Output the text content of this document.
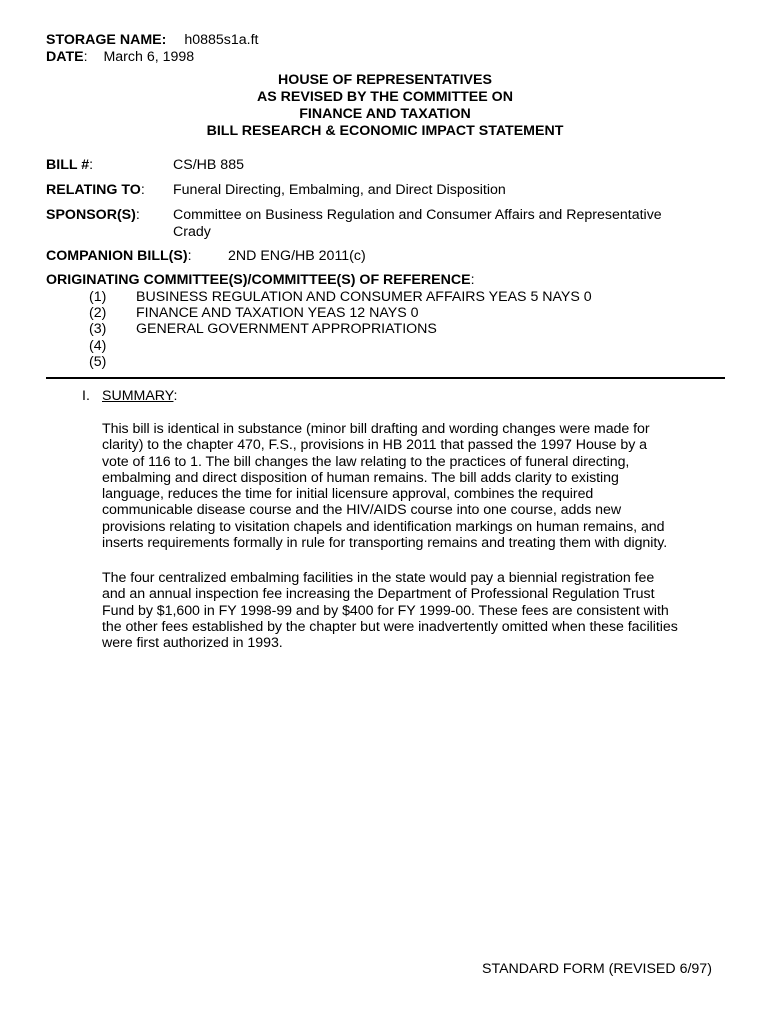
STORAGE NAME: h0885s1a.ft
DATE: March 6, 1998
HOUSE OF REPRESENTATIVES
AS REVISED BY THE COMMITTEE ON
FINANCE AND TAXATION
BILL RESEARCH & ECONOMIC IMPACT STATEMENT
BILL #:	CS/HB 885
RELATING TO: Funeral Directing, Embalming, and Direct Disposition
SPONSOR(S): Committee on Business Regulation and Consumer Affairs and Representative
Crady
COMPANION BILL(S):	2ND ENG/HB 2011(c)
ORIGINATING COMMITTEE(S)/COMMITTEE(S) OF REFERENCE:
(1) BUSINESS REGULATION AND CONSUMER AFFAIRS YEAS 5 NAYS 0
(2) FINANCE AND TAXATION YEAS 12 NAYS 0
(3) GENERAL GOVERNMENT APPROPRIATIONS
(4)
(5)
I. SUMMARY:
This bill is identical in substance (minor bill drafting and wording changes were made for
clarity) to the chapter 470, F.S., provisions in HB 2011 that passed the 1997 House by a
vote of 116 to 1. The bill changes the law relating to the practices of funeral directing,
embalming and direct disposition of human remains. The bill adds clarity to existing
language, reduces the time for initial licensure approval, combines the required
communicable disease course and the HIV/AIDS course into one course, adds new
provisions relating to visitation chapels and identification markings on human remains, and
inserts requirements formally in rule for transporting remains and treating them with dignity.
The four centralized embalming facilities in the state would pay a biennial registration fee
and an annual inspection fee increasing the Department of Professional Regulation Trust
Fund by $1,600 in FY 1998-99 and by $400 for FY 1999-00. These fees are consistent with
the other fees established by the chapter but were inadvertently omitted when these facilities
were first authorized in 1993.
STANDARD FORM (REVISED 6/97)
